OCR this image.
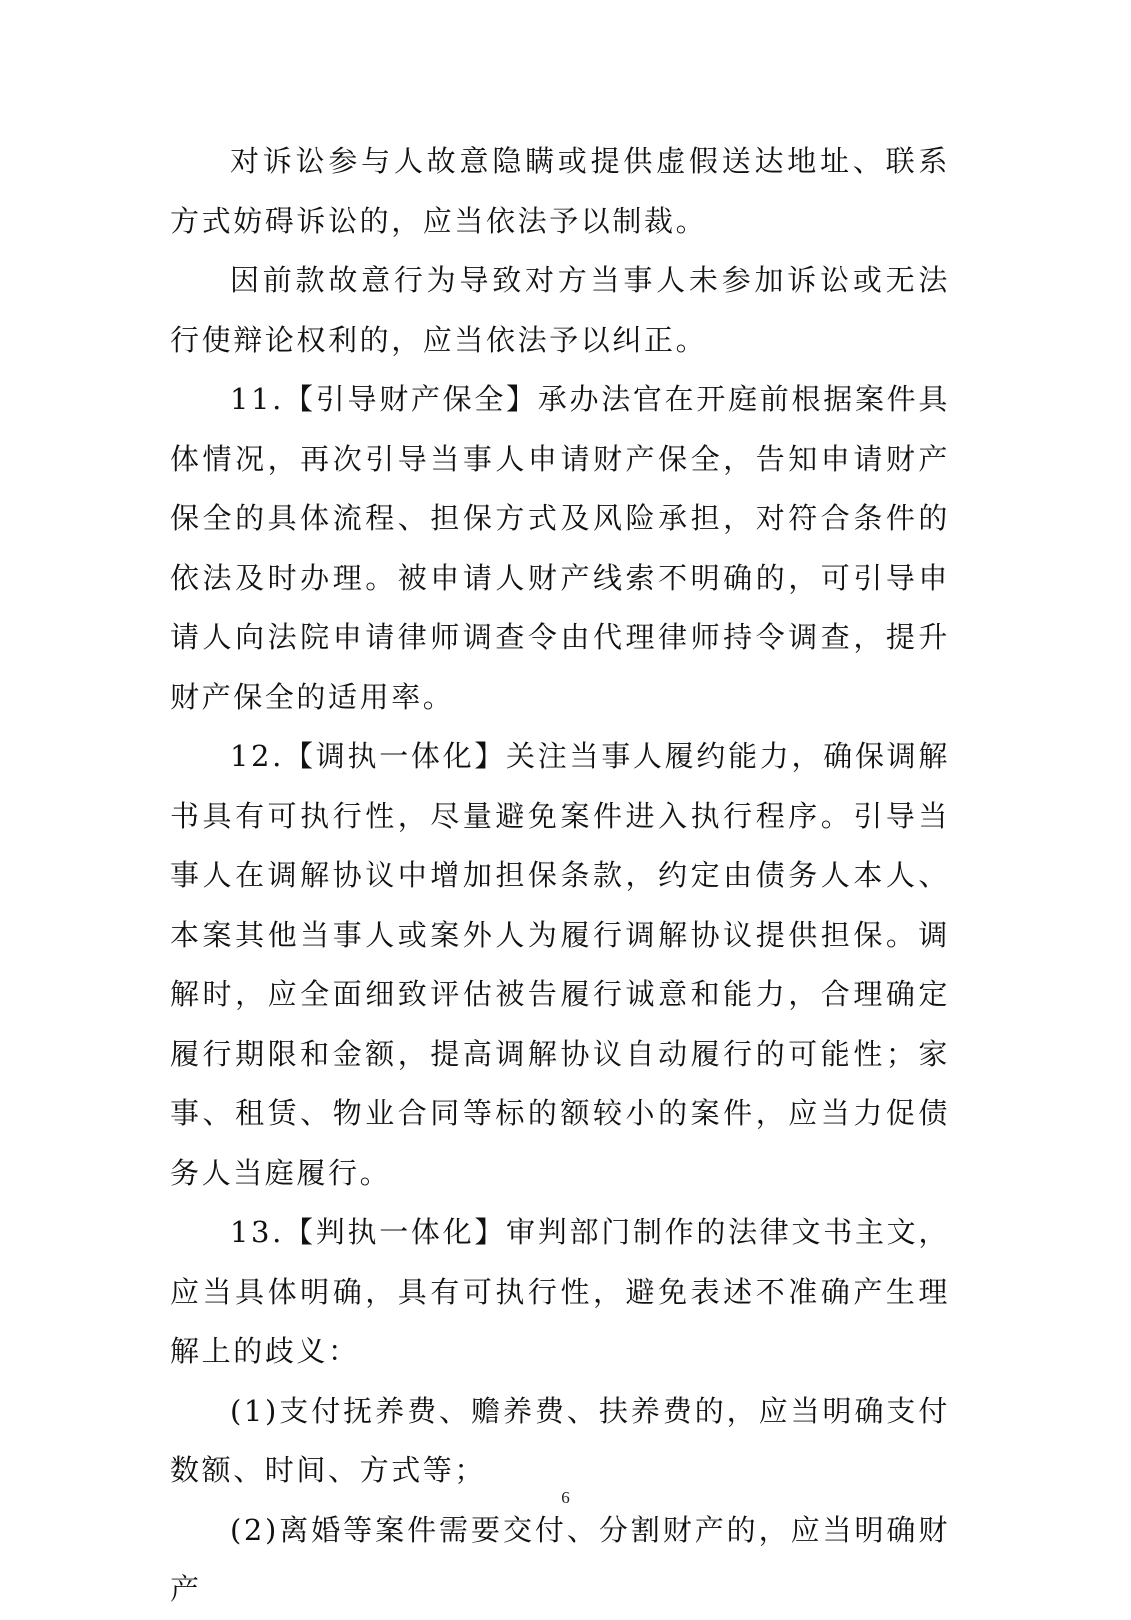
对诉讼参与人故意隐瞒或提供虚假送达地址、联系方式妨碍诉讼的，应当依法予以制裁。

因前款故意行为导致对方当事人未参加诉讼或无法行使辩论权利的，应当依法予以纠正。

11.【引导财产保全】承办法官在开庭前根据案件具体情况，再次引导当事人申请财产保全，告知申请财产保全的具体流程、担保方式及风险承担，对符合条件的依法及时办理。被申请人财产线索不明确的，可引导申请人向法院申请律师调查令由代理律师持令调查，提升财产保全的适用率。

12.【调执一体化】关注当事人履约能力，确保调解书具有可执行性，尽量避免案件进入执行程序。引导当事人在调解协议中增加担保条款，约定由债务人本人、本案其他当事人或案外人为履行调解协议提供担保。调解时，应全面细致评估被告履行诚意和能力，合理确定履行期限和金额，提高调解协议自动履行的可能性；家事、租赁、物业合同等标的额较小的案件，应当力促债务人当庭履行。

13.【判执一体化】审判部门制作的法律文书主文，应当具体明确，具有可执行性，避免表述不准确产生理解上的歧义：

(1)支付抚养费、赡养费、扶养费的，应当明确支付数额、时间、方式等；

(2)离婚等案件需要交付、分割财产的，应当明确财产

6
